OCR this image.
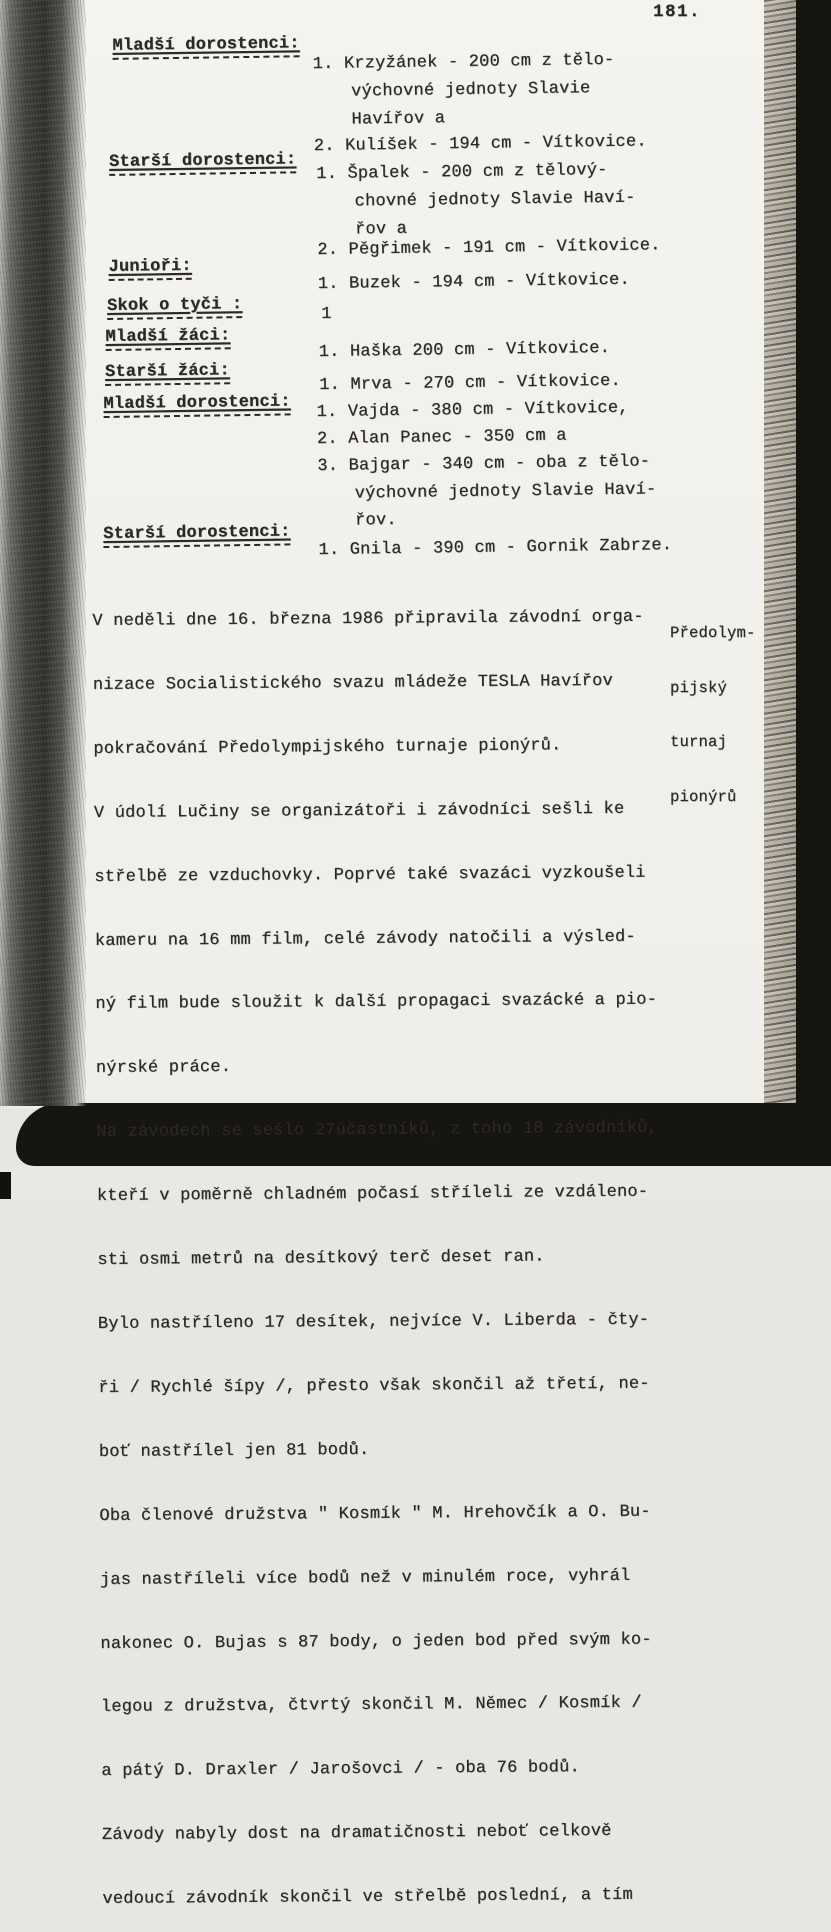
181.
Mladší dorostenci:
1. Krzyžánek - 200 cm z tělo-
výchovné jednoty Slavie
Havířov a
2. Kulíšek - 194 cm - Vítkovice.
Starší dorostenci: 1. Špalek - 200 cm z tělový-
chovné jednoty Slavie Haví-
řov a
2. Pěgřimek - 191 cm - Vítkovice.
Junioři:
1. Buzek - 194 cm - Vítkovice.
Skok o tyči :	1
Mladší žáci:
1. Haška 200 cm - Vítkovice.
Starší žáci:
1. Mrva - 270 cm - Vítkovice.
Mladší dorostenci: 1. Vajda - 380 cm - Vítkovice,
2. Alan Panec - 350 cm a
3. Bajgar - 340 cm - oba z tělo-
výchovné jednoty Slavie Haví-
řov.
Starší dorostenci:
1. Gnila - 390 cm - Gornik Zabrze.

Předolym-

pijský

turnaj

pionýrů

V neděli dne 16. března 1986 připravila závodní orga-

nizace Socialistického svazu mládeže TESLA Havířov

pokračování Předolympijského turnaje pionýrů.

V údolí Lučiny se organizátoři i závodníci sešli ke

střelbě ze vzduchovky. Poprvé také svazáci vyzkoušeli

kameru na 16 mm film, celé závody natočili a výsled-

ný film bude sloužit k další propagaci svazácké a pio-

nýrské práce.

Na závodech se sešlo 27účastníků, z toho 18 závodníků,

kteří v poměrně chladném počasí stříleli ze vzdáleno-

sti osmi metrů na desítkový terč deset ran.

Bylo nastříleno 17 desítek, nejvíce V. Liberda - čty-

ři / Rychlé šípy /, přesto však skončil až třetí, ne-

boť nastřílel jen 81 bodů.

Oba členové družstva " Kosmík " M. Hrehovčík a O. Bu-

jas nastříleli více bodů než v minulém roce, vyhrál

nakonec O. Bujas s 87 body, o jeden bod před svým ko-

legou z družstva, čtvrtý skončil M. Němec / Kosmík /

a pátý D. Draxler / Jarošovci / - oba 76 bodů.

Závody nabyly dost na dramatičnosti neboť celkově

vedoucí závodník skončil ve střelbě poslední, a tím
